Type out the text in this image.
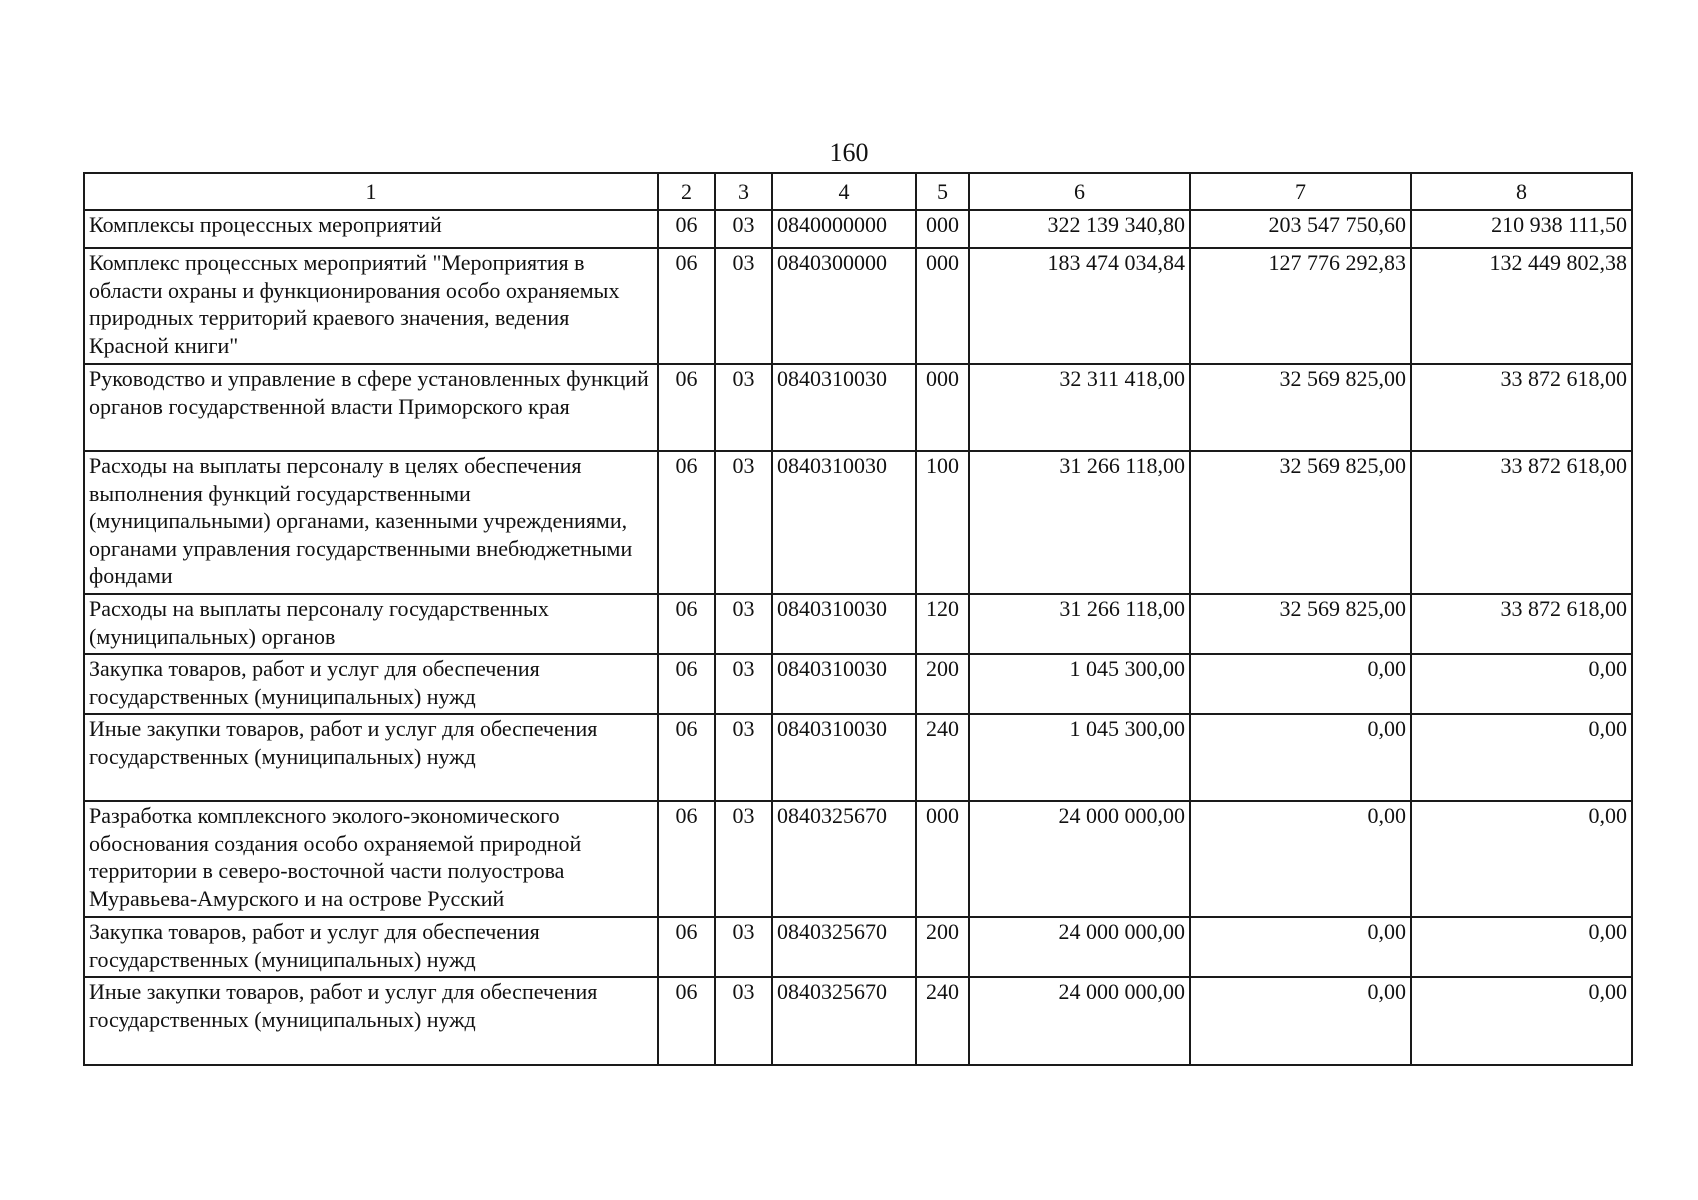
160
1	2	3	4	5	6	7	8
Комплексы процессных мероприятий	06	03	0840000000	000	322 139 340,80	203 547 750,60	210 938 111,50
Комплекс процессных мероприятий "Мероприятия в области охраны и функционирования особо охраняемых природных территорий краевого значения, ведения Красной книги"	06	03	0840300000	000	183 474 034,84	127 776 292,83	132 449 802,38
Руководство и управление в сфере установленных функций органов государственной власти Приморского края	06	03	0840310030	000	32 311 418,00	32 569 825,00	33 872 618,00
Расходы на выплаты персоналу в целях обеспечения выполнения функций государственными (муниципальными) органами, казенными учреждениями, органами управления государственными внебюджетными фондами	06	03	0840310030	100	31 266 118,00	32 569 825,00	33 872 618,00
Расходы на выплаты персоналу государственных (муниципальных) органов	06	03	0840310030	120	31 266 118,00	32 569 825,00	33 872 618,00
Закупка товаров, работ и услуг для обеспечения государственных (муниципальных) нужд	06	03	0840310030	200	1 045 300,00	0,00	0,00
Иные закупки товаров, работ и услуг для обеспечения государственных (муниципальных) нужд	06	03	0840310030	240	1 045 300,00	0,00	0,00
Разработка комплексного эколого-экономического обоснования создания особо охраняемой природной территории в северо-восточной части полуострова Муравьева-Амурского и на острове Русский	06	03	0840325670	000	24 000 000,00	0,00	0,00
Закупка товаров, работ и услуг для обеспечения государственных (муниципальных) нужд	06	03	0840325670	200	24 000 000,00	0,00	0,00
Иные закупки товаров, работ и услуг для обеспечения государственных (муниципальных) нужд	06	03	0840325670	240	24 000 000,00	0,00	0,00
